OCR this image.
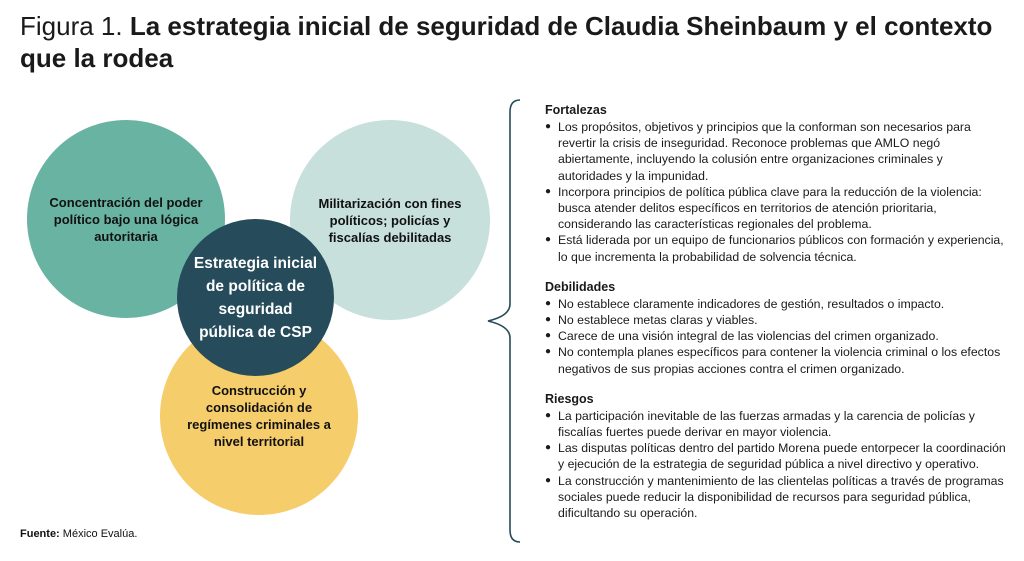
Figura 1. La estrategia inicial de seguridad de Claudia Sheinbaum y el contexto que la rodea
Concentración del poder político bajo una lógica autoritaria
Militarización con fines políticos; policías y fiscalías debilitadas
Construcción y consolidación de regímenes criminales a nivel territorial
Estrategia inicial de política de seguridad pública de CSP
Fuente: México Evalúa.
Fortalezas
● Los propósitos, objetivos y principios que la conforman son necesarios para revertir la crisis de inseguridad. Reconoce problemas que AMLO negó abiertamente, incluyendo la colusión entre organizaciones criminales y autoridades y la impunidad.
● Incorpora principios de política pública clave para la reducción de la violencia: busca atender delitos específicos en territorios de atención prioritaria, considerando las características regionales del problema.
● Está liderada por un equipo de funcionarios públicos con formación y experiencia, lo que incrementa la probabilidad de solvencia técnica.
Debilidades
● No establece claramente indicadores de gestión, resultados o impacto.
● No establece metas claras y viables.
● Carece de una visión integral de las violencias del crimen organizado.
● No contempla planes específicos para contener la violencia criminal o los efectos negativos de sus propias acciones contra el crimen organizado.
Riesgos
● La participación inevitable de las fuerzas armadas y la carencia de policías y fiscalías fuertes puede derivar en mayor violencia.
● Las disputas políticas dentro del partido Morena puede entorpecer la coordinación y ejecución de la estrategia de seguridad pública a nivel directivo y operativo.
● La construcción y mantenimiento de las clientelas políticas a través de programas sociales puede reducir la disponibilidad de recursos para seguridad pública, dificultando su operación.
